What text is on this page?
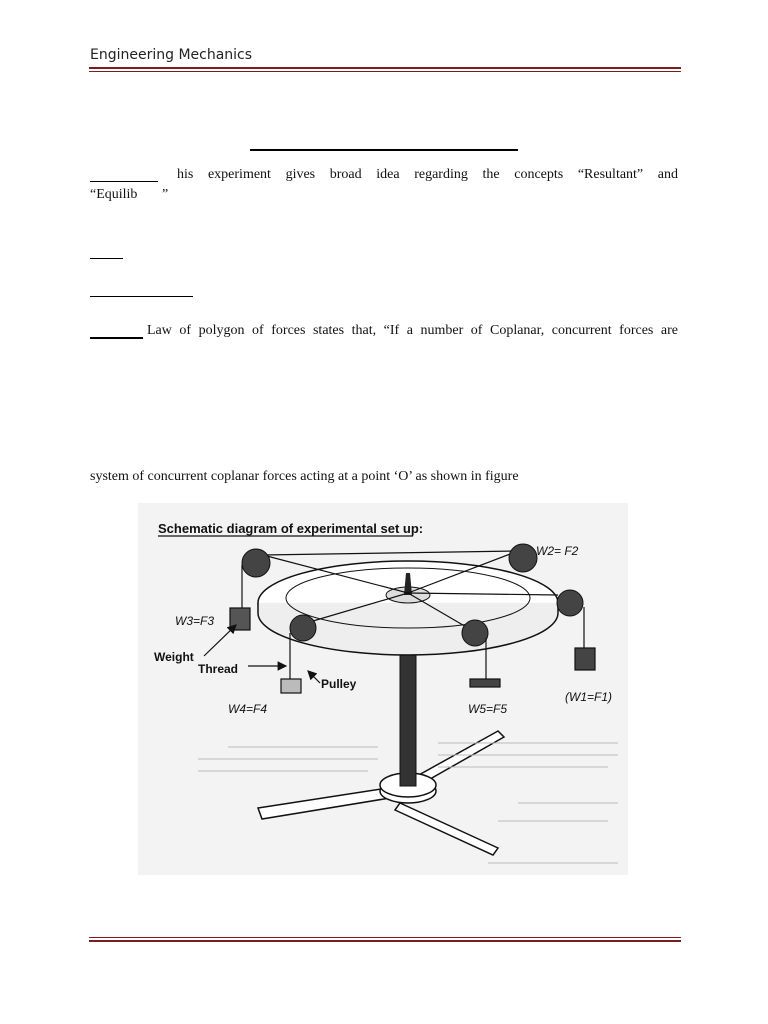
Engineering Mechanics
his experiment gives broad idea regarding the concepts “Resultant” and
“Equilib ”
Law of polygon of forces states that, “If a number of Coplanar, concurrent forces are
system of concurrent coplanar forces acting at a point ‘O’ as shown in figure
Schematic diagram of experimental set up:
W2= F2
W3=F3
Weight
Thread
Pulley
(W1=F1)
W4=F4	W5=F5
